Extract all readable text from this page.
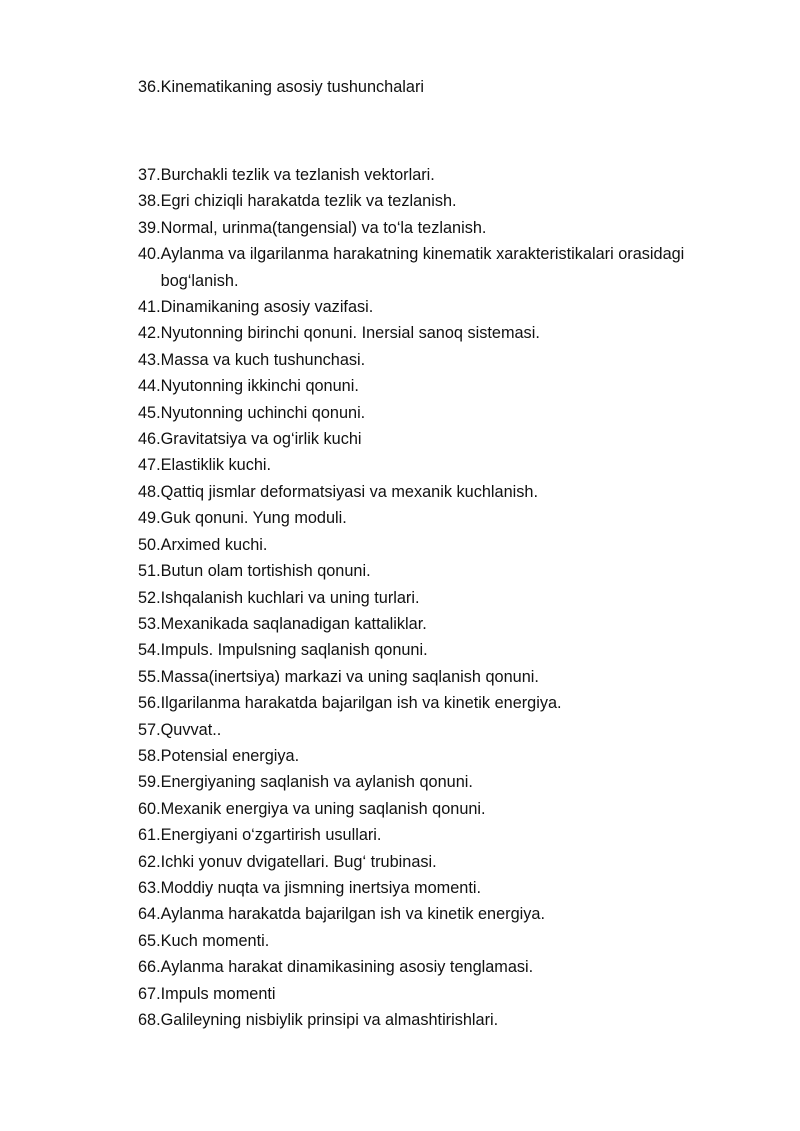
36. Kinematikaning asosiy tushunchalari
37. Burchakli tezlik va tezlanish vektorlari.
38. Egri chiziqli harakatda tezlik va tezlanish.
39. Normal, urinma(tangensial) va to‘la tezlanish.
40. Aylanma va ilgarilanma harakatning kinematik xarakteristikalari orasidagi bog‘lanish.
41. Dinamikaning asosiy vazifasi.
42. Nyutonning birinchi qonuni. Inersial sanoq sistemasi.
43. Massa va kuch tushunchasi.
44. Nyutonning ikkinchi qonuni.
45. Nyutonning uchinchi qonuni.
46. Gravitatsiya va og‘irlik kuchi
47. Elastiklik kuchi.
48. Qattiq jismlar deformatsiyasi va mexanik kuchlanish.
49. Guk qonuni. Yung moduli.
50. Arximed kuchi.
51. Butun olam tortishish qonuni.
52. Ishqalanish kuchlari va uning turlari.
53. Mexanikada saqlanadigan kattaliklar.
54. Impuls. Impulsning saqlanish qonuni.
55. Massa(inertsiya) markazi va uning saqlanish qonuni.
56. Ilgarilanma harakatda bajarilgan ish va kinetik energiya.
57. Quvvat..
58. Potensial energiya.
59. Energiyaning saqlanish va aylanish qonuni.
60. Mexanik energiya va uning saqlanish qonuni.
61. Energiyani o‘zgartirish usullari.
62. Ichki yonuv dvigatellari. Bug‘ trubinasi.
63. Moddiy nuqta va jismning inertsiya momenti.
64. Aylanma harakatda bajarilgan ish va kinetik energiya.
65. Kuch momenti.
66. Aylanma harakat dinamikasining asosiy tenglamasi.
67. Impuls momenti
68. Galileyning nisbiylik prinsipi va almashtirishlari.
